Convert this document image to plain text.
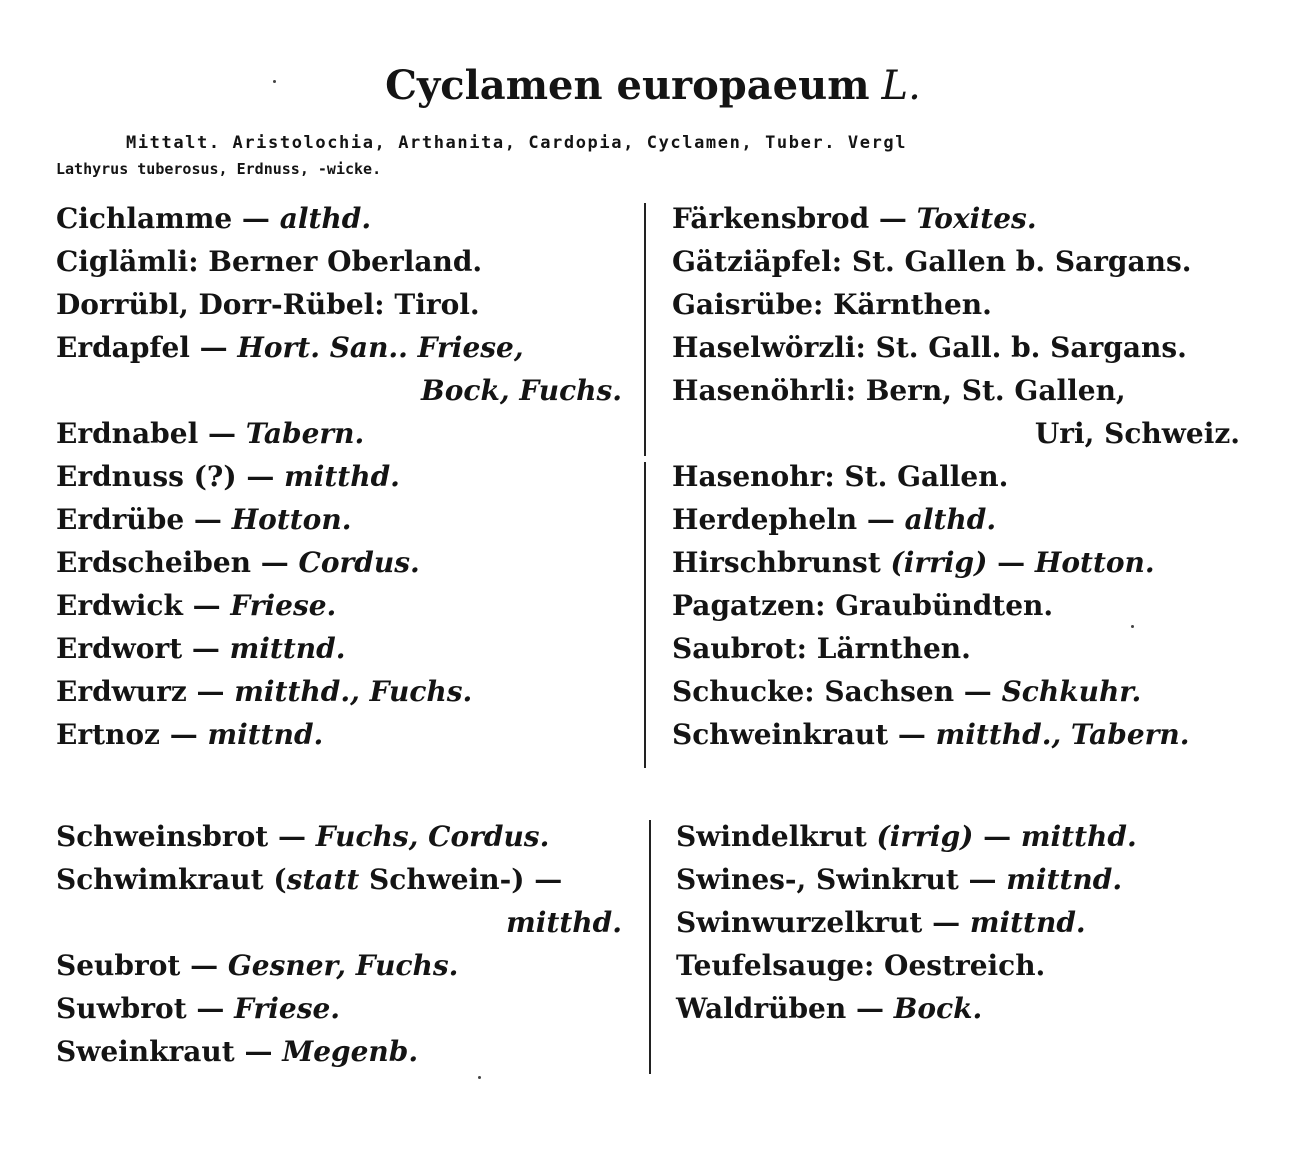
Cyclamen europaeum L.
Mittalt. Aristolochia, Arthanita, Cardopia, Cyclamen, Tuber. Vergl
Lathyrus tuberosus, Erdnuss, -wicke.
Cichlamme — althd.
Ciglämli: Berner Oberland.
Dorrübl, Dorr-Rübel: Tirol.
Erdapfel — Hort. San.. Friese,
Bock, Fuchs.
Erdnabel — Tabern.
Erdnuss (?) — mitthd.
Erdrübe — Hotton.
Erdscheiben — Cordus.
Erdwick — Friese.
Erdwort — mittnd.
Erdwurz — mitthd., Fuchs.
Ertnoz — mittnd.
Färkensbrod — Toxites.
Gätziäpfel: St. Gallen b. Sargans.
Gaisrübe: Kärnthen.
Haselwörzli: St. Gall. b. Sargans.
Hasenöhrli: Bern, St. Gallen,
Uri, Schweiz.
Hasenohr: St. Gallen.
Herdepheln — althd.
Hirschbrunst (irrig) — Hotton.
Pagatzen: Graubündten.
Saubrot: Lärnthen.
Schucke: Sachsen — Schkuhr.
Schweinkraut — mitthd., Tabern.
Schweinsbrot — Fuchs, Cordus.
Schwimkraut (statt Schwein-) —
mitthd.
Seubrot — Gesner, Fuchs.
Suwbrot — Friese.
Sweinkraut — Megenb.
Swindelkrut (irrig) — mitthd.
Swines-, Swinkrut — mittnd.
Swinwurzelkrut — mittnd.
Teufelsauge: Oestreich.
Waldrüben — Bock.
